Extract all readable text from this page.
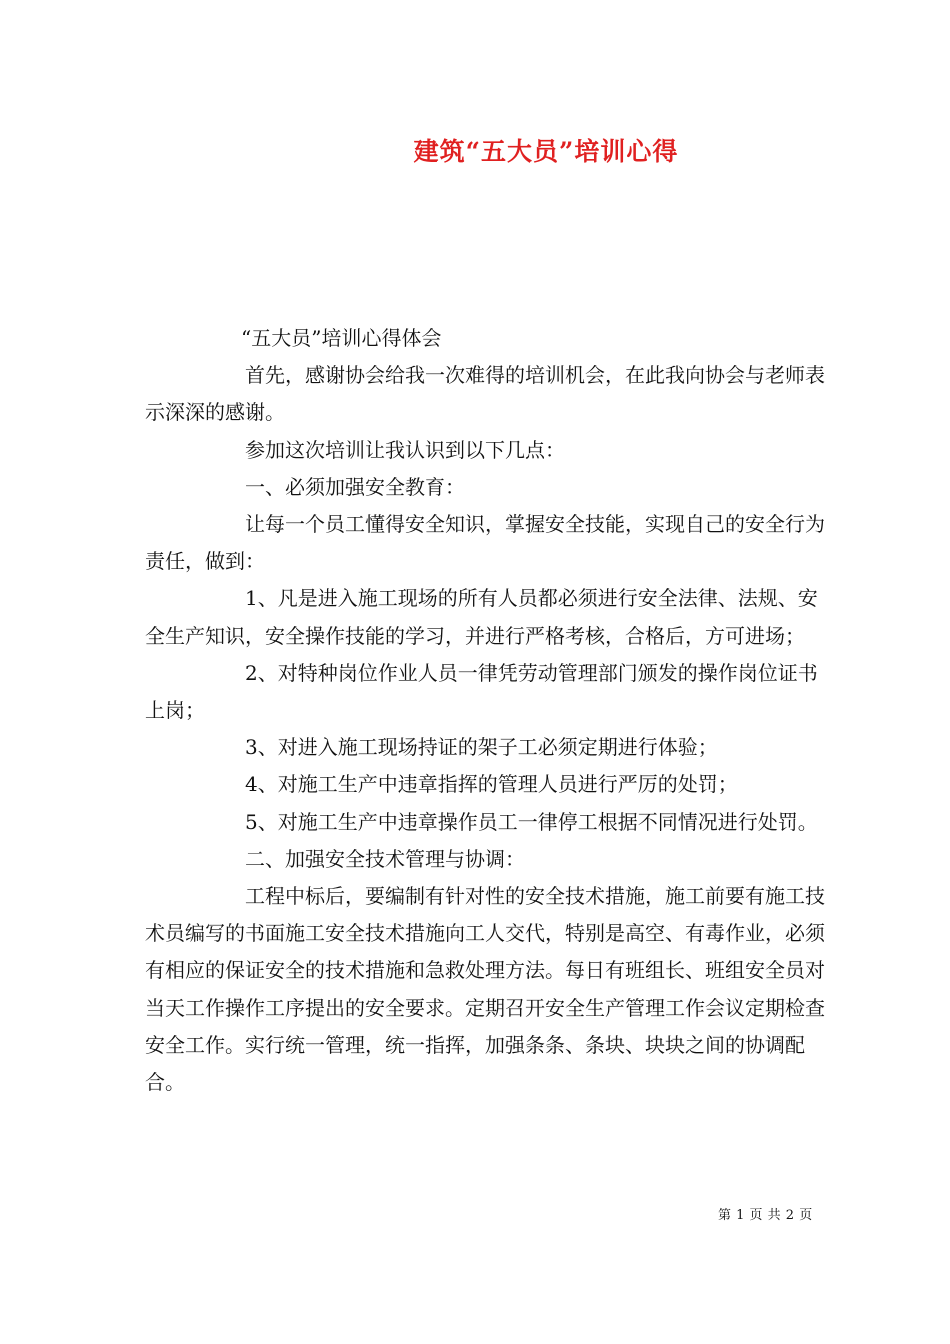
建筑“五大员”培训心得

“五大员”培训心得体会

首先，感谢协会给我一次难得的培训机会，在此我向协会与老师表示深深的感谢。

参加这次培训让我认识到以下几点：

一、必须加强安全教育：

让每一个员工懂得安全知识，掌握安全技能，实现自己的安全行为责任，做到：

1、凡是进入施工现场的所有人员都必须进行安全法律、法规、安全生产知识，安全操作技能的学习，并进行严格考核，合格后，方可进场；

2、对特种岗位作业人员一律凭劳动管理部门颁发的操作岗位证书上岗；

3、对进入施工现场持证的架子工必须定期进行体验；

4、对施工生产中违章指挥的管理人员进行严厉的处罚；

5、对施工生产中违章操作员工一律停工根据不同情况进行处罚。

二、加强安全技术管理与协调：

工程中标后，要编制有针对性的安全技术措施，施工前要有施工技术员编写的书面施工安全技术措施向工人交代，特别是高空、有毒作业，必须有相应的保证安全的技术措施和急救处理方法。每日有班组长、班组安全员对当天工作操作工序提出的安全要求。定期召开安全生产管理工作会议定期检查安全工作。实行统一管理，统一指挥，加强条条、条块、块块之间的协调配合。

第 1 页 共 2 页
